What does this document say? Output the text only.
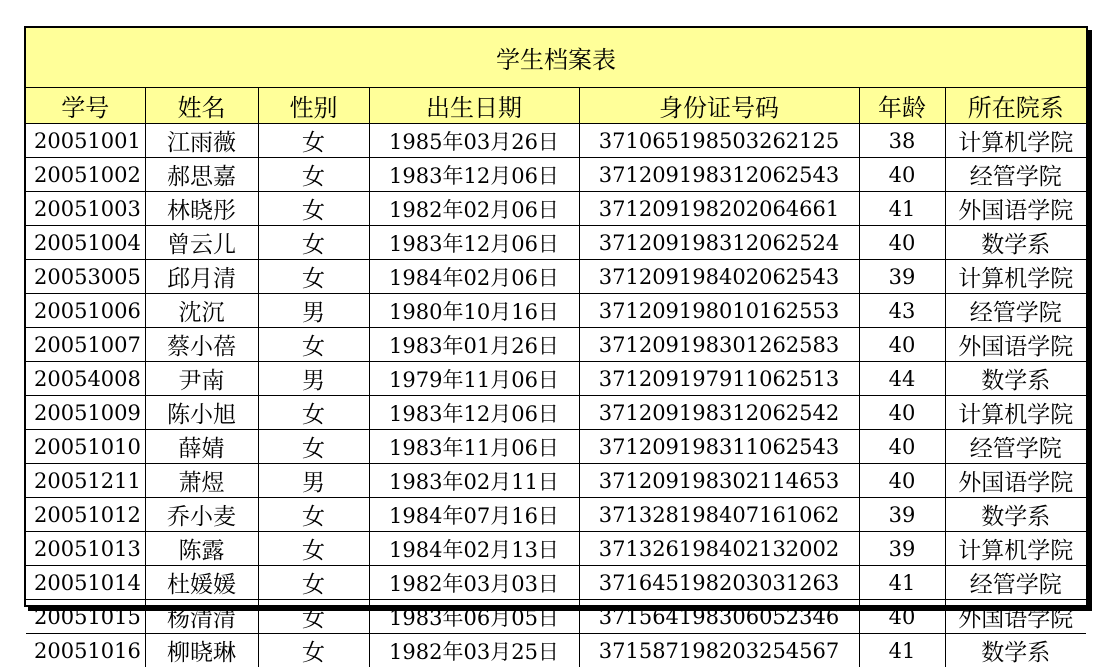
学生档案表
学号	姓名	性别	出生日期	身份证号码	年龄	所在院系
20051001	江雨薇	女	1985年03月26日	371065198503262125	38	计算机学院
20051002	郝思嘉	女	1983年12月06日	371209198312062543	40	经管学院
20051003	林晓彤	女	1982年02月06日	371209198202064661	41	外国语学院
20051004	曾云儿	女	1983年12月06日	371209198312062524	40	数学系
20053005	邱月清	女	1984年02月06日	371209198402062543	39	计算机学院
20051006	沈沉	男	1980年10月16日	371209198010162553	43	经管学院
20051007	蔡小蓓	女	1983年01月26日	371209198301262583	40	外国语学院
20054008	尹南	男	1979年11月06日	371209197911062513	44	数学系
20051009	陈小旭	女	1983年12月06日	371209198312062542	40	计算机学院
20051010	薛婧	女	1983年11月06日	371209198311062543	40	经管学院
20051211	萧煜	男	1983年02月11日	371209198302114653	40	外国语学院
20051012	乔小麦	女	1984年07月16日	371328198407161062	39	数学系
20051013	陈露	女	1984年02月13日	371326198402132002	39	计算机学院
20051014	杜媛媛	女	1982年03月03日	371645198203031263	41	经管学院
20051015	杨清清	女	1983年06月05日	371564198306052346	40	外国语学院
20051016	柳晓琳	女	1982年03月25日	371587198203254567	41	数学系
